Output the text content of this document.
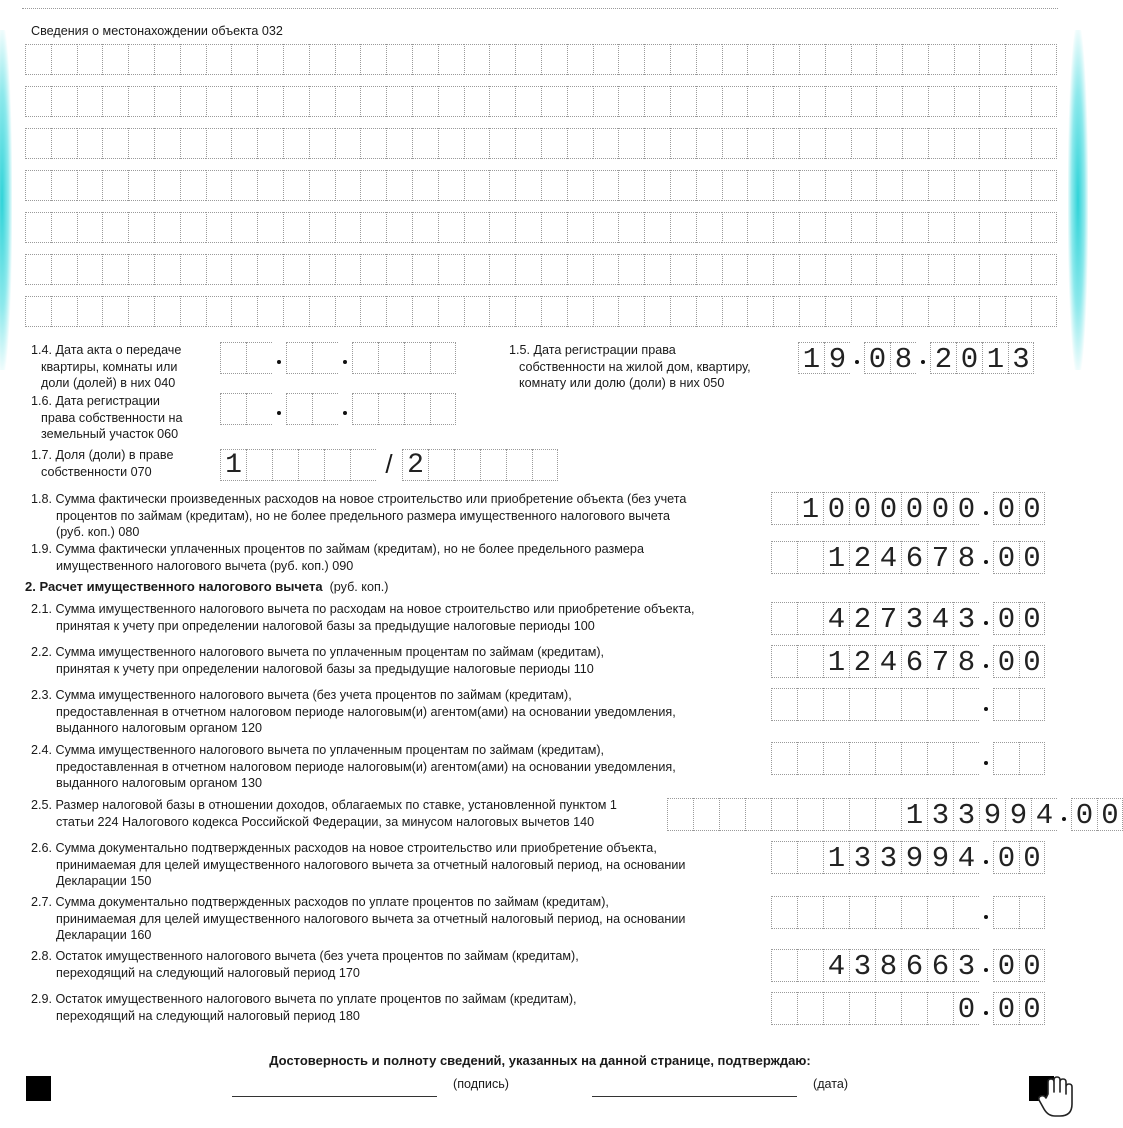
Сведения о местонахождении объекта 032
1.4. Дата акта о передаче
квартиры, комнаты или
доли (долей) в них 040
1.5. Дата регистрации права
собственности на жилой дом, квартиру,
комнату или долю (доли) в них 050
1 9 0 8 2 0 1 3
1.6. Дата регистрации
права собственности на
земельный участок 060
1.7. Доля (доли) в праве
собственности 070	1	/ 2
1.8. Сумма фактически произведенных расходов на новое строительство или приобретение объекта (без учета
процентов по займам (кредитам), но не более предельного размера имущественного налогового вычета
(руб. коп.) 080
1 0 0 0 0 0 0 0 0
1.9. Сумма фактически уплаченных процентов по займам (кредитам), но не более предельного размера
имущественного налогового вычета (руб. коп.) 090	1 2 4 6 7 8 0 0
2. Расчет имущественного налогового вычета (руб. коп.)
2.1. Сумма имущественного налогового вычета по расходам на новое строительство или приобретение объекта,
принятая к учету при определении налоговой базы за предыдущие налоговые периоды 100	4 2 7 3 4 3 0 0
2.2. Сумма имущественного налогового вычета по уплаченным процентам по займам (кредитам),
принятая к учету при определении налоговой базы за предыдущие налоговые периоды 110	1 2 4 6 7 8 0 0
2.3. Сумма имущественного налогового вычета (без учета процентов по займам (кредитам),
предоставленная в отчетном налоговом периоде налоговым(и) агентом(ами) на основании уведомления,
выданного налоговым органом 120
2.4. Сумма имущественного налогового вычета по уплаченным процентам по займам (кредитам),
предоставленная в отчетном налоговом периоде налоговым(и) агентом(ами) на основании уведомления,
выданного налоговым органом 130
2.5. Размер налоговой базы в отношении доходов, облагаемых по ставке, установленной пунктом 1
статьи 224 Налогового кодекса Российской Федерации, за минусом налоговых вычетов 140	1 3 3 9 9 4 0 0
2.6. Сумма документально подтвержденных расходов на новое строительство или приобретение объекта,
принимаемая для целей имущественного налогового вычета за отчетный налоговый период, на основании
Декларации 150
1 3 3 9 9 4 0 0
2.7. Сумма документально подтвержденных расходов по уплате процентов по займам (кредитам),
принимаемая для целей имущественного налогового вычета за отчетный налоговый период, на основании
Декларации 160
2.8. Остаток имущественного налогового вычета (без учета процентов по займам (кредитам),
переходящий на следующий налоговый период 170	4 3 8 6 6 3 0 0
2.9. Остаток имущественного налогового вычета по уплате процентов по займам (кредитам),
переходящий на следующий налоговый период 180	0 0 0
Достоверность и полноту сведений, указанных на данной странице, подтверждаю:
(подпись)	(дата)
